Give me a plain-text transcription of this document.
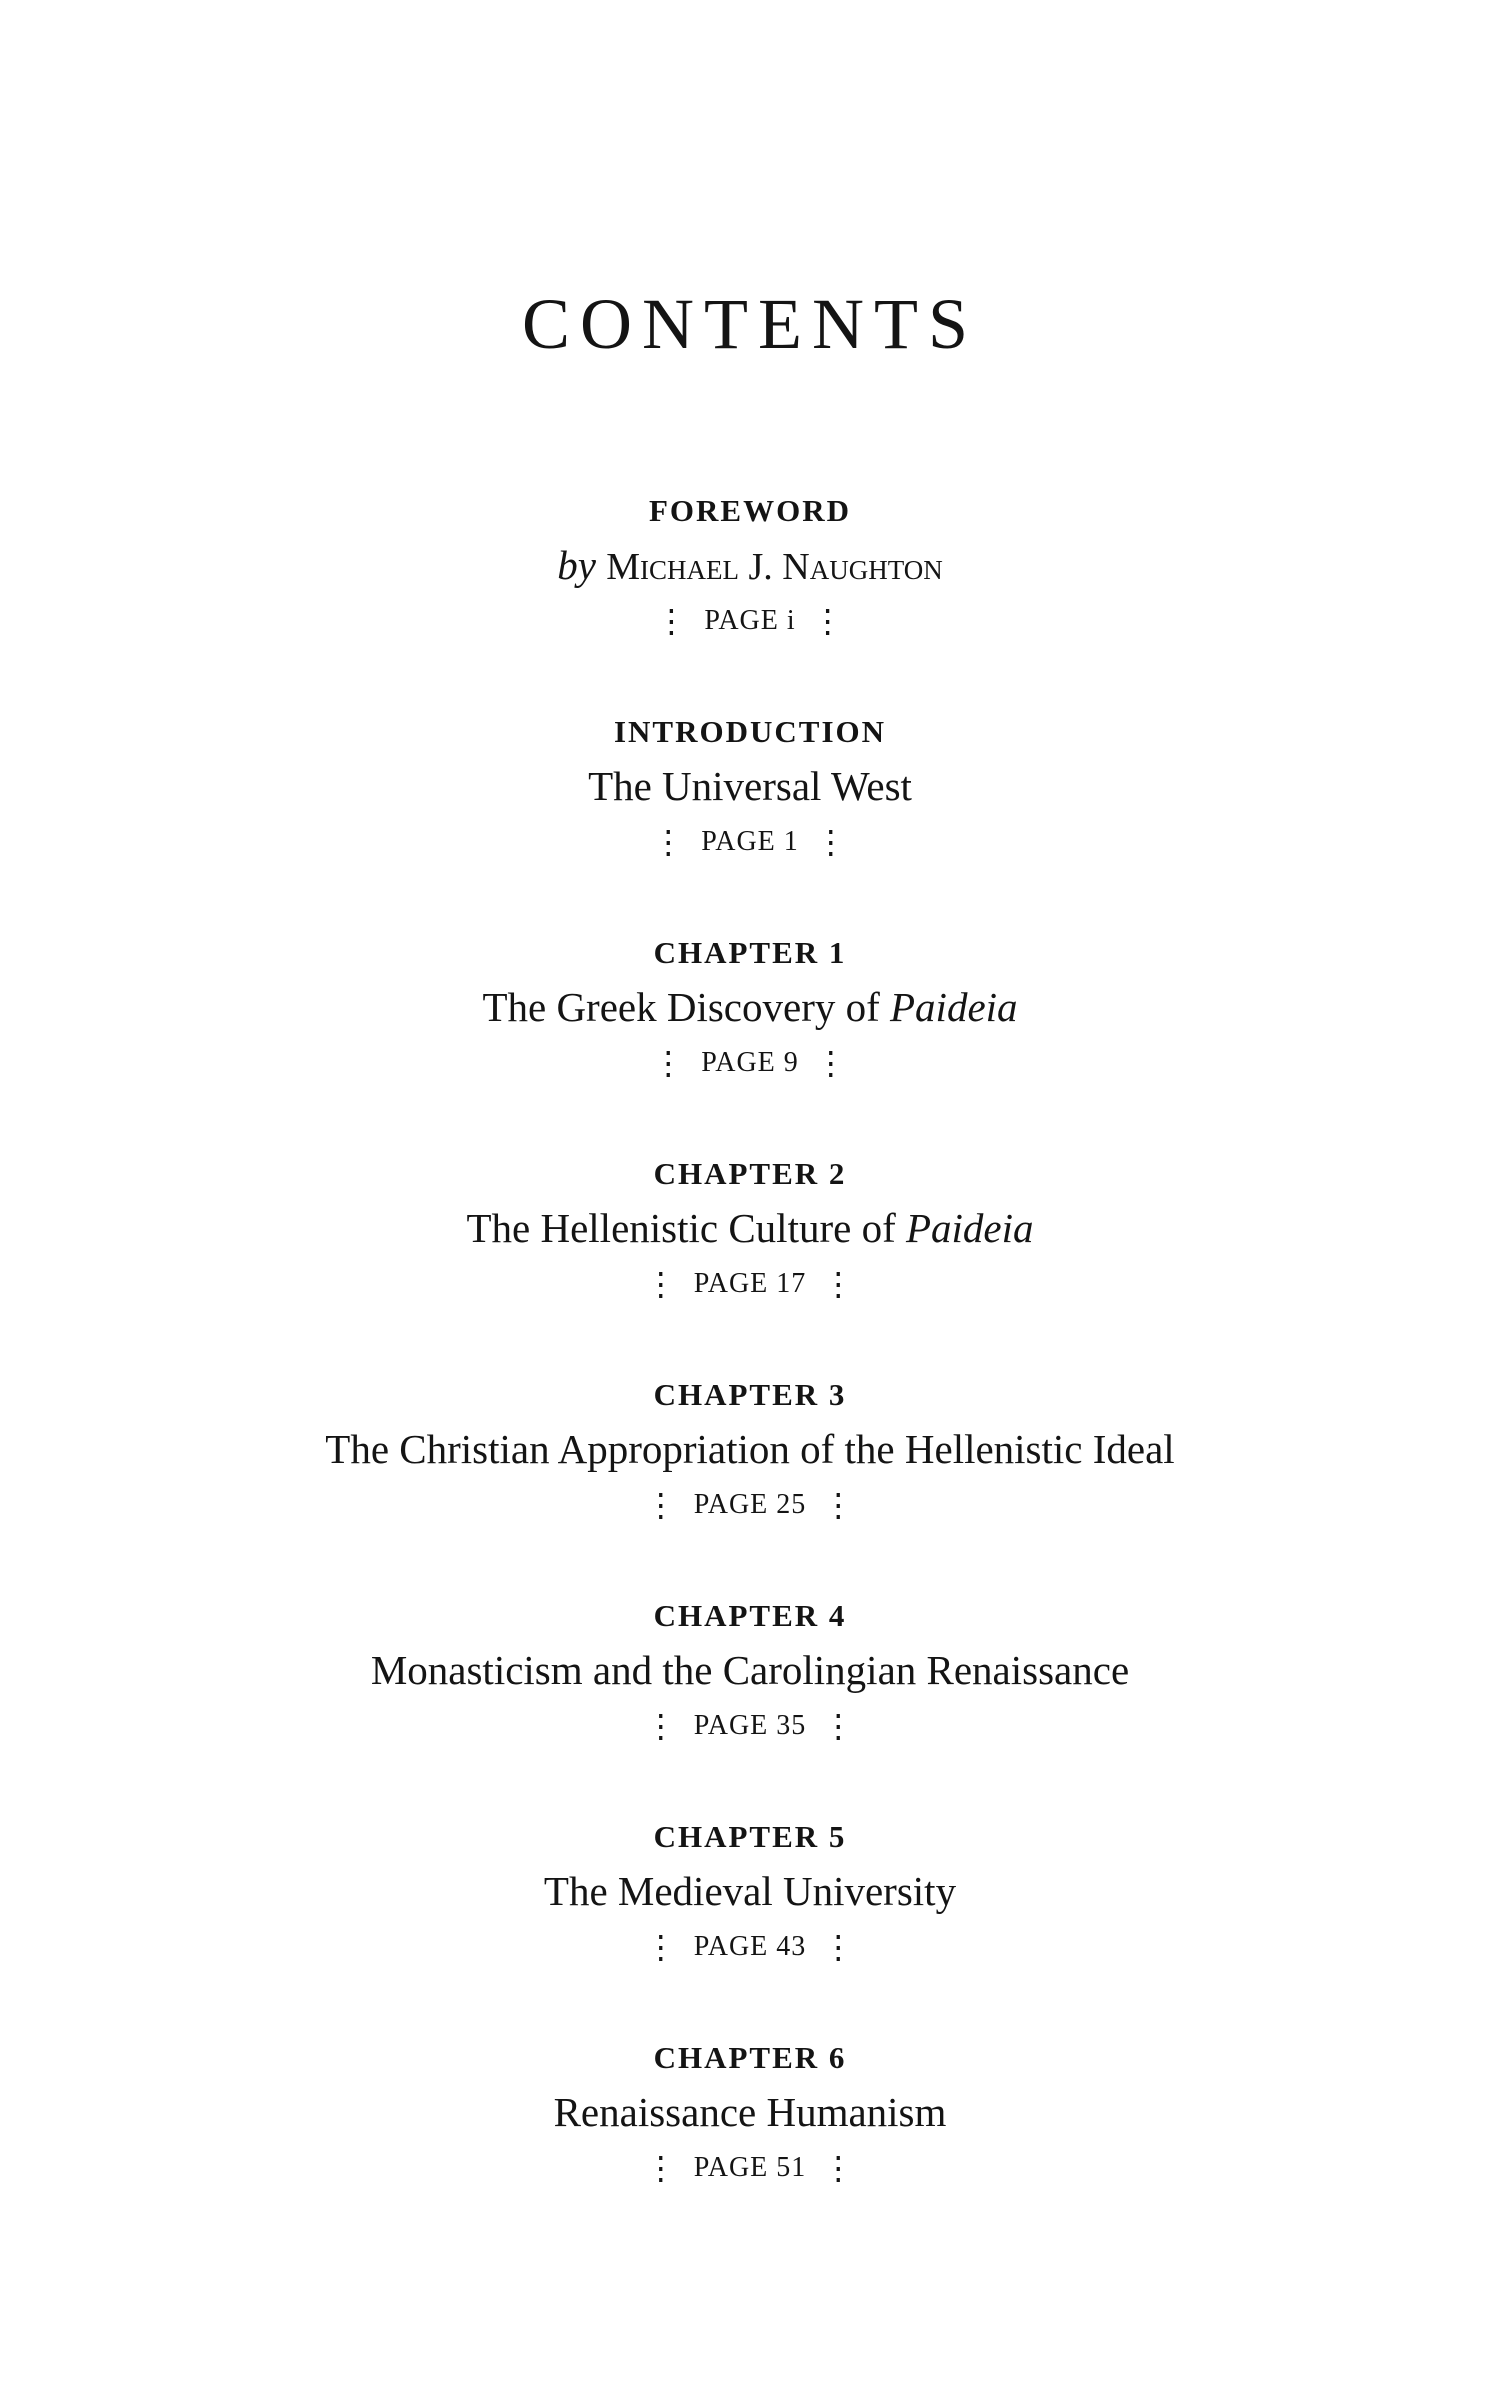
CONTENTS
FOREWORD
by Michael J. Naughton
⋮ PAGE i ⋮
INTRODUCTION
The Universal West
⋮ PAGE 1 ⋮
CHAPTER 1
The Greek Discovery of Paideia
⋮ PAGE 9 ⋮
CHAPTER 2
The Hellenistic Culture of Paideia
⋮ PAGE 17 ⋮
CHAPTER 3
The Christian Appropriation of the Hellenistic Ideal
⋮ PAGE 25 ⋮
CHAPTER 4
Monasticism and the Carolingian Renaissance
⋮ PAGE 35 ⋮
CHAPTER 5
The Medieval University
⋮ PAGE 43 ⋮
CHAPTER 6
Renaissance Humanism
⋮ PAGE 51 ⋮
